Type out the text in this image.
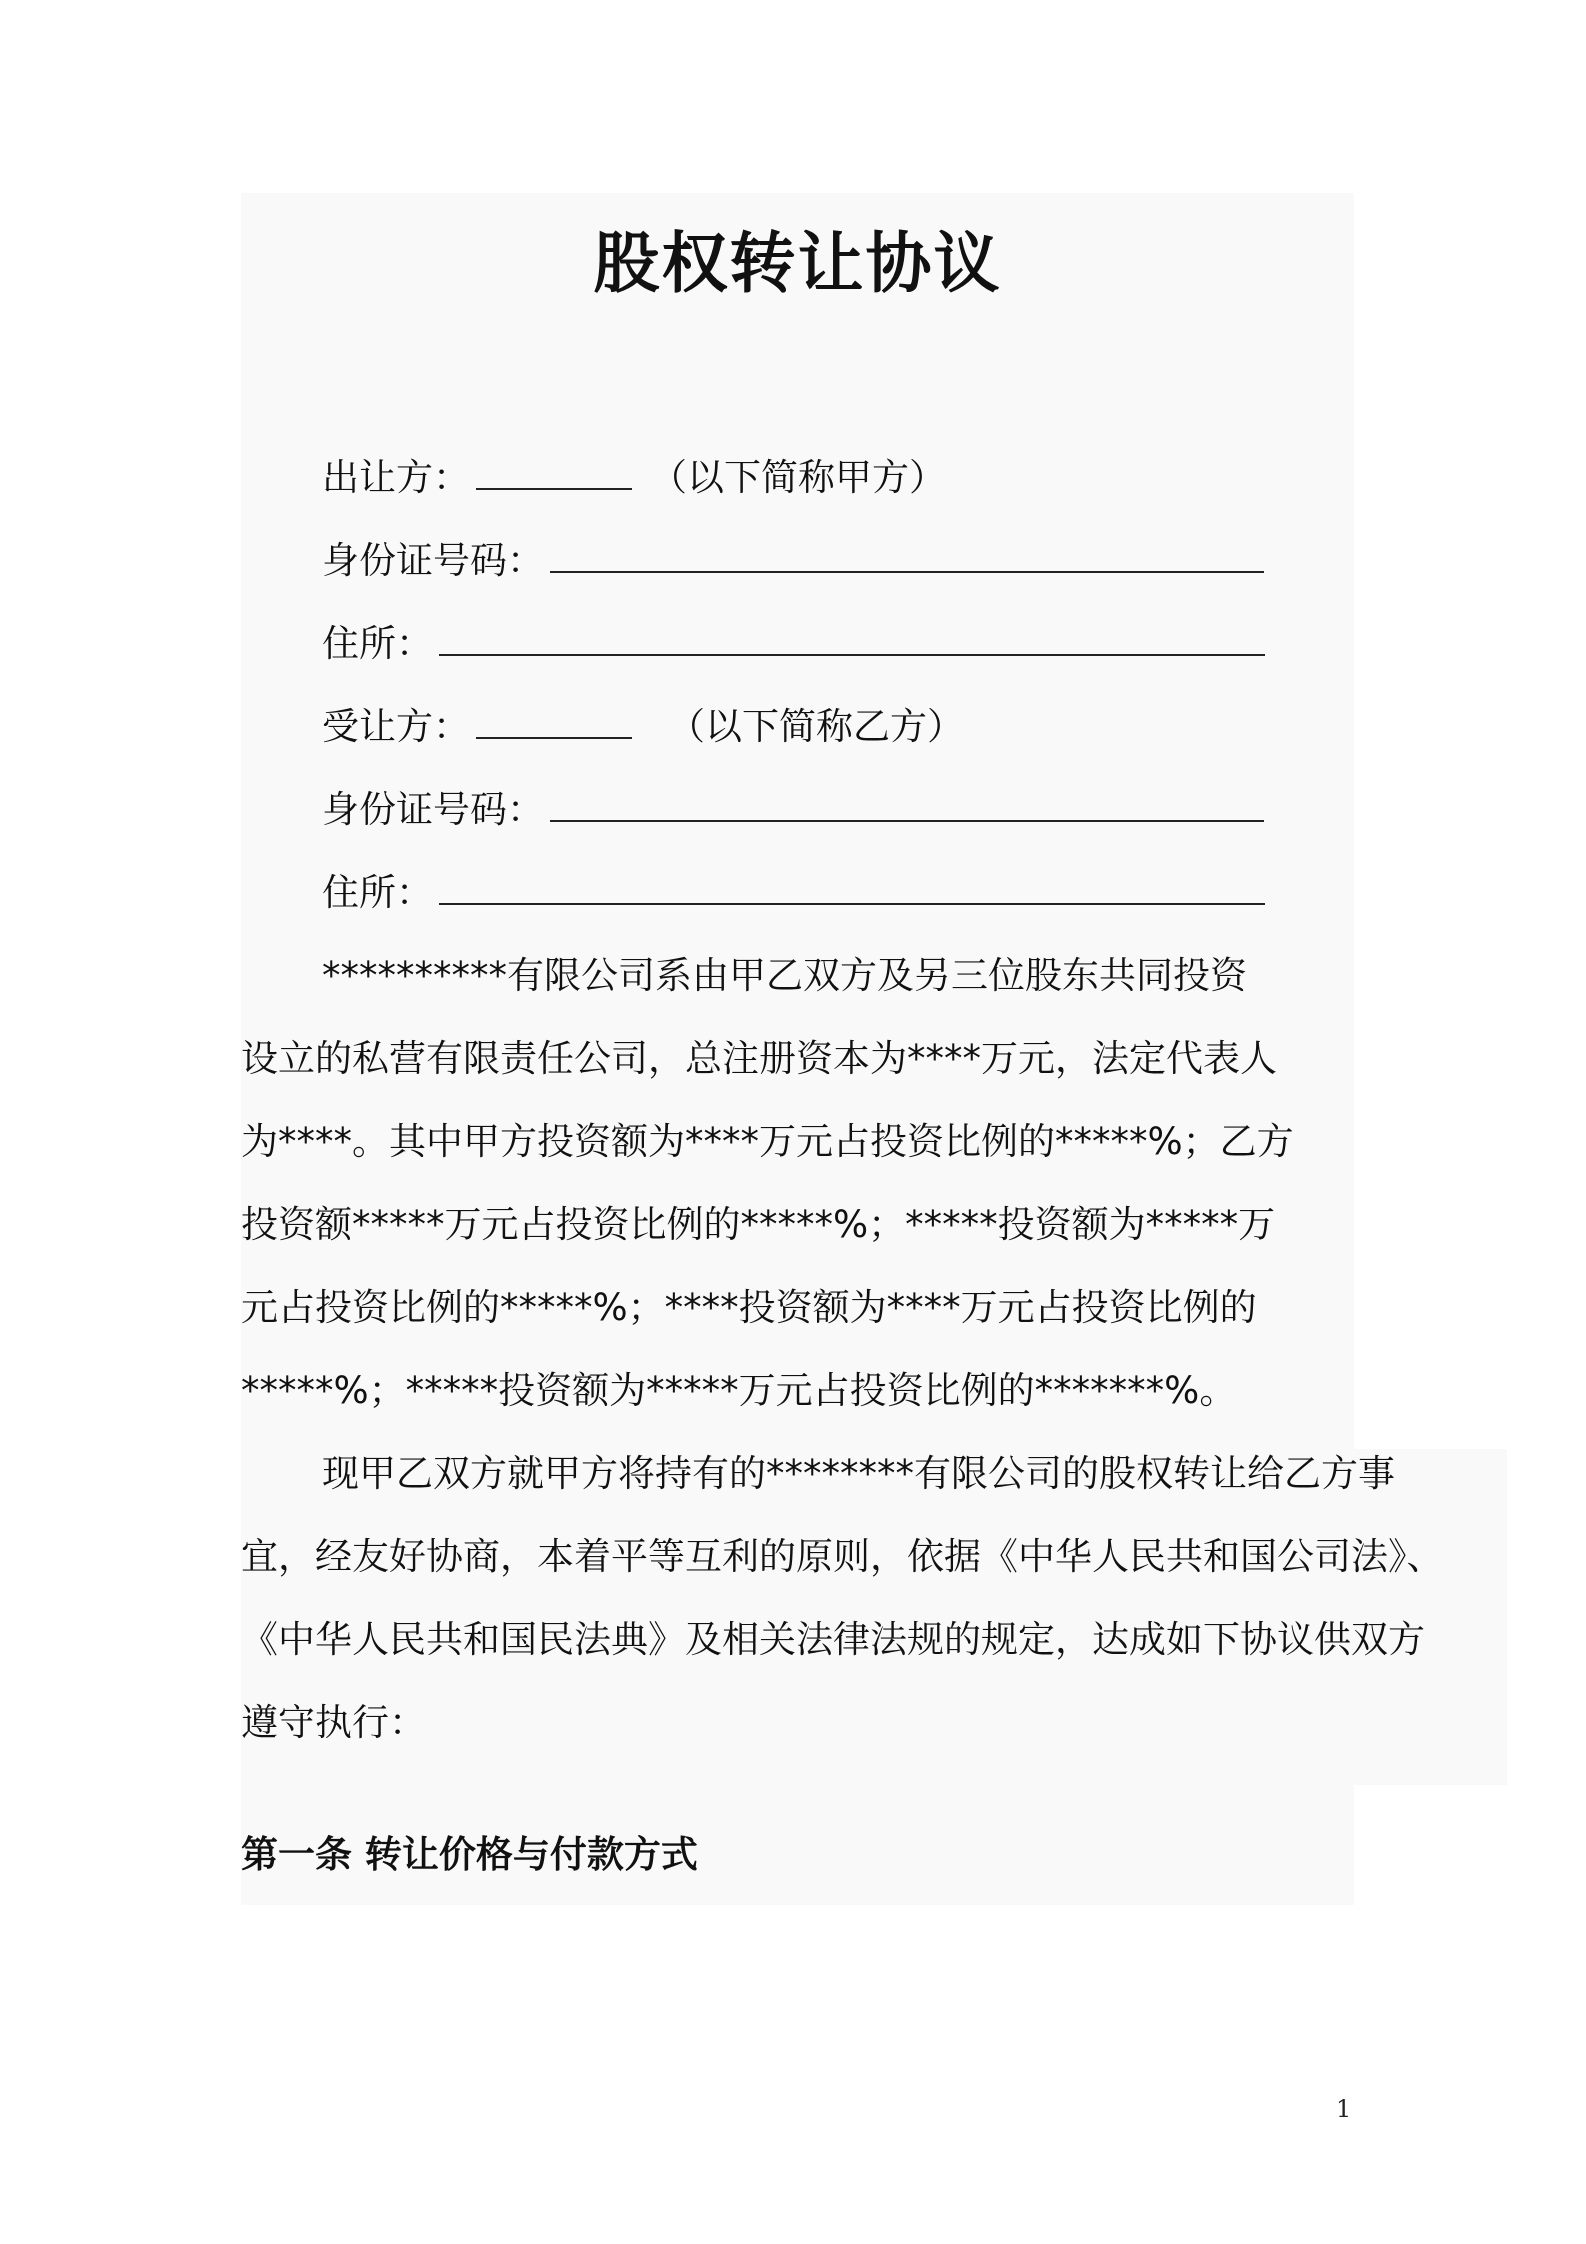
股权转让协议
出让方：	（以下简称甲方）
身份证号码：
住所：
受让方：	（以下简称乙方）
身份证号码：
住所：
**********有限公司系由甲乙双方及另三位股东共同投资
设立的私营有限责任公司，总注册资本为****万元，法定代表人
为****。其中甲方投资额为****万元占投资比例的*****%；乙方
投资额*****万元占投资比例的*****%；*****投资额为*****万
元占投资比例的*****%；****投资额为****万元占投资比例的
*****%；*****投资额为*****万元占投资比例的*******%。
现甲乙双方就甲方将持有的********有限公司的股权转让给乙方事
宜，经友好协商，本着平等互利的原则，依据《中华人民共和国公司法》、
《中华人民共和国民法典》及相关法律法规的规定，达成如下协议供双方
遵守执行：
第一条 转让价格与付款方式
1
